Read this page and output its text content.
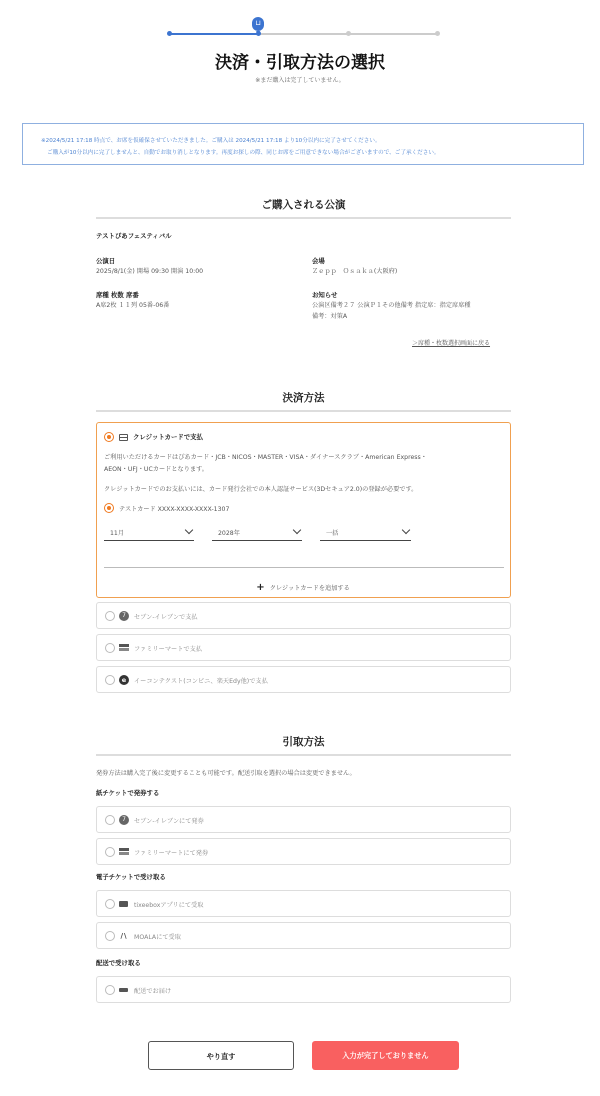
⊔
決済・引取方法の選択
※まだ購入は完了していません。

※2024/5/21 17:18 時点で、お席を仮確保させていただきました。ご購入は 2024/5/21 17:18 より10分以内に完了させてください。

ご購入が10分以内に完了しませんと、自動でお取り消しとなります。再度お探しの際、同じお席をご用意できない場合がございますので、ご了承ください。

ご購入される公演
テストぴあフェスティバル
公演日
2025/8/1(金) 開場 09:30 開演 10:00
会場
Ｚｅｐｐ　Ｏｓａｋａ(大阪府)
席種 枚数 席番
A席2枚 １１列 05番-06番
お知らせ
公演区備考２７ 公演Ｐ１その他備考 指定席：指定席席種
備考：対策A
＞席種・枚数選択画面に戻る
決済方法
クレジットカードで支払
ご利用いただけるカードはぴあカード・JCB・NICOS・MASTER・VISA・ダイナースクラブ・American Express・
AEON・UFJ・UCカードとなります。
クレジットカードでのお支払いには、カード発行会社での本人認証サービス(3Dセキュア2.0)の登録が必要です。
テストカード XXXX-XXXX-XXXX-1307
11月	2028年	一括
+ クレジットカードを追加する
7	セブン-イレブンで支払
ファミリーマートで支払
e	イーコンテクスト(コンビニ、楽天Edy他)で支払
引取方法
発券方法は購入完了後に変更することも可能です。配送引取を選択の場合は変更できません。
紙チケットで発券する
7	セブン-イレブンにて発券
ファミリーマートにて発券
電子チケットで受け取る
tixeeboxアプリにて受取
/\ MOALAにて受取
配送で受け取る
配送でお届け
やり直す	入力が完了しておりません
